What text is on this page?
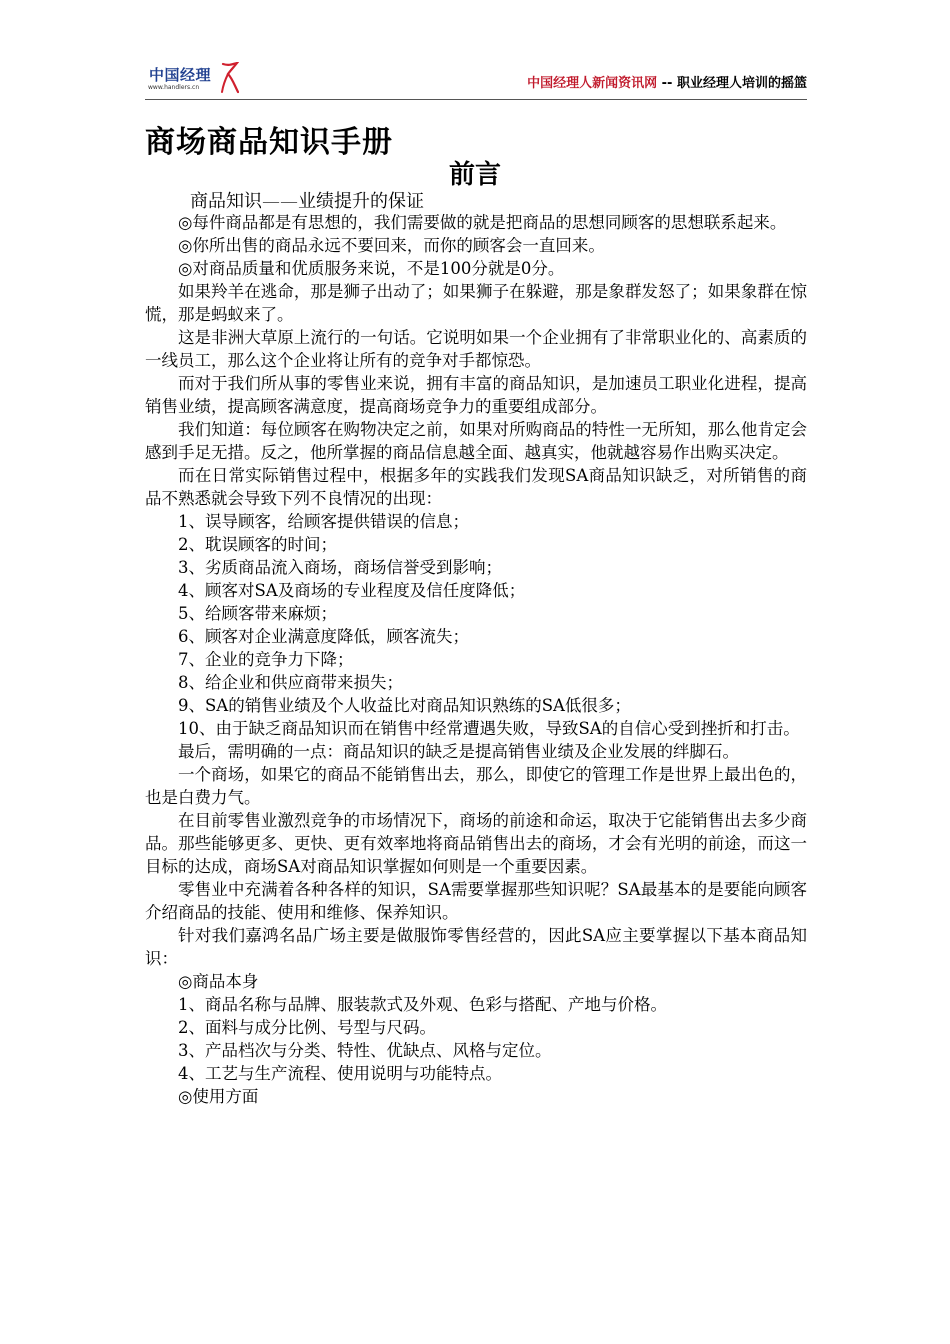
中国经理
www.handlers.cn	中国经理人新闻资讯网 -- 职业经理人培训的摇篮
商场商品知识手册
前言
商品知识——业绩提升的保证

◎每件商品都是有思想的，我们需要做的就是把商品的思想同顾客的思想联系起来。

◎你所出售的商品永远不要回来，而你的顾客会一直回来。

◎对商品质量和优质服务来说，不是100分就是0分。

如果羚羊在逃命，那是狮子出动了；如果狮子在躲避，那是象群发怒了；如果象群在惊慌，那是蚂蚁来了。

这是非洲大草原上流行的一句话。它说明如果一个企业拥有了非常职业化的、高素质的一线员工，那么这个企业将让所有的竞争对手都惊恐。

而对于我们所从事的零售业来说，拥有丰富的商品知识，是加速员工职业化进程，提高销售业绩，提高顾客满意度，提高商场竞争力的重要组成部分。

我们知道：每位顾客在购物决定之前，如果对所购商品的特性一无所知，那么他肯定会感到手足无措。反之，他所掌握的商品信息越全面、越真实，他就越容易作出购买决定。

而在日常实际销售过程中，根据多年的实践我们发现SA商品知识缺乏，对所销售的商品不熟悉就会导致下列不良情况的出现：

1、误导顾客，给顾客提供错误的信息；

2、耽误顾客的时间；

3、劣质商品流入商场，商场信誉受到影响；

4、顾客对SA及商场的专业程度及信任度降低；

5、给顾客带来麻烦；

6、顾客对企业满意度降低，顾客流失；

7、企业的竞争力下降；

8、给企业和供应商带来损失；

9、SA的销售业绩及个人收益比对商品知识熟练的SA低很多；

10、由于缺乏商品知识而在销售中经常遭遇失败，导致SA的自信心受到挫折和打击。

最后，需明确的一点：商品知识的缺乏是提高销售业绩及企业发展的绊脚石。

一个商场，如果它的商品不能销售出去，那么，即使它的管理工作是世界上最出色的，也是白费力气。

在目前零售业激烈竞争的市场情况下，商场的前途和命运，取决于它能销售出去多少商品。那些能够更多、更快、更有效率地将商品销售出去的商场，才会有光明的前途，而这一目标的达成，商场SA对商品知识掌握如何则是一个重要因素。

零售业中充满着各种各样的知识，SA需要掌握那些知识呢？SA最基本的是要能向顾客介绍商品的技能、使用和维修、保养知识。

针对我们嘉鸿名品广场主要是做服饰零售经营的，因此SA应主要掌握以下基本商品知识：

◎商品本身

1、商品名称与品牌、服装款式及外观、色彩与搭配、产地与价格。

2、面料与成分比例、号型与尺码。

3、产品档次与分类、特性、优缺点、风格与定位。

4、工艺与生产流程、使用说明与功能特点。

◎使用方面
